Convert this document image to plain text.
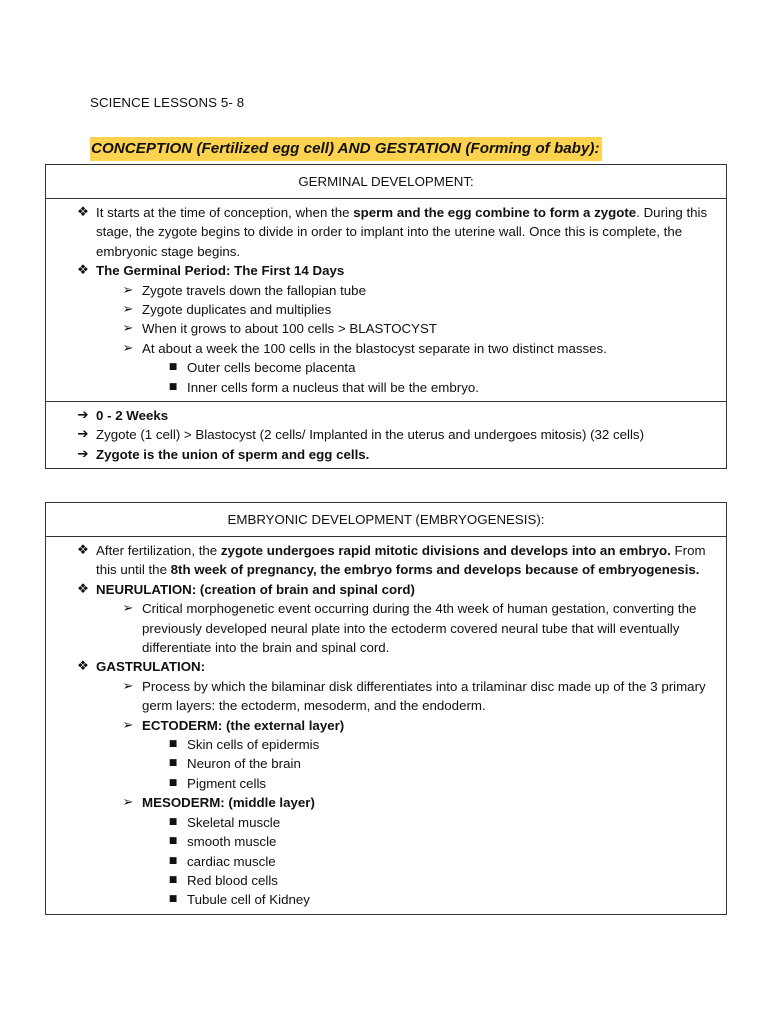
SCIENCE LESSONS 5- 8
CONCEPTION (Fertilized egg cell) AND GESTATION (Forming of baby):
GERMINAL DEVELOPMENT:
❖ It starts at the time of conception, when the sperm and the egg combine to form a zygote. During this stage, the zygote begins to divide in order to implant into the uterine wall. Once this is complete, the embryonic stage begins.
❖ The Germinal Period: The First 14 Days
➢ Zygote travels down the fallopian tube
➢ Zygote duplicates and multiplies
➢ When it grows to about 100 cells > BLASTOCYST
➢ At about a week the 100 cells in the blastocyst separate in two distinct masses.
■ Outer cells become placenta
■ Inner cells form a nucleus that will be the embryo.
➔ 0 - 2 Weeks
➔ Zygote (1 cell) > Blastocyst (2 cells/ Implanted in the uterus and undergoes mitosis) (32 cells)
➔ Zygote is the union of sperm and egg cells.
EMBRYONIC DEVELOPMENT (EMBRYOGENESIS):
❖ After fertilization, the zygote undergoes rapid mitotic divisions and develops into an embryo. From this until the 8th week of pregnancy, the embryo forms and develops because of embryogenesis.
❖ NEURULATION: (creation of brain and spinal cord)
➢ Critical morphogenetic event occurring during the 4th week of human gestation, converting the previously developed neural plate into the ectoderm covered neural tube that will eventually differentiate into the brain and spinal cord.
❖ GASTRULATION:
➢ Process by which the bilaminar disk differentiates into a trilaminar disc made up of the 3 primary germ layers: the ectoderm, mesoderm, and the endoderm.
➢ ECTODERM: (the external layer)
■ Skin cells of epidermis
■ Neuron of the brain
■ Pigment cells
➢ MESODERM: (middle layer)
■ Skeletal muscle
■ smooth muscle
■ cardiac muscle
■ Red blood cells
■ Tubule cell of Kidney
